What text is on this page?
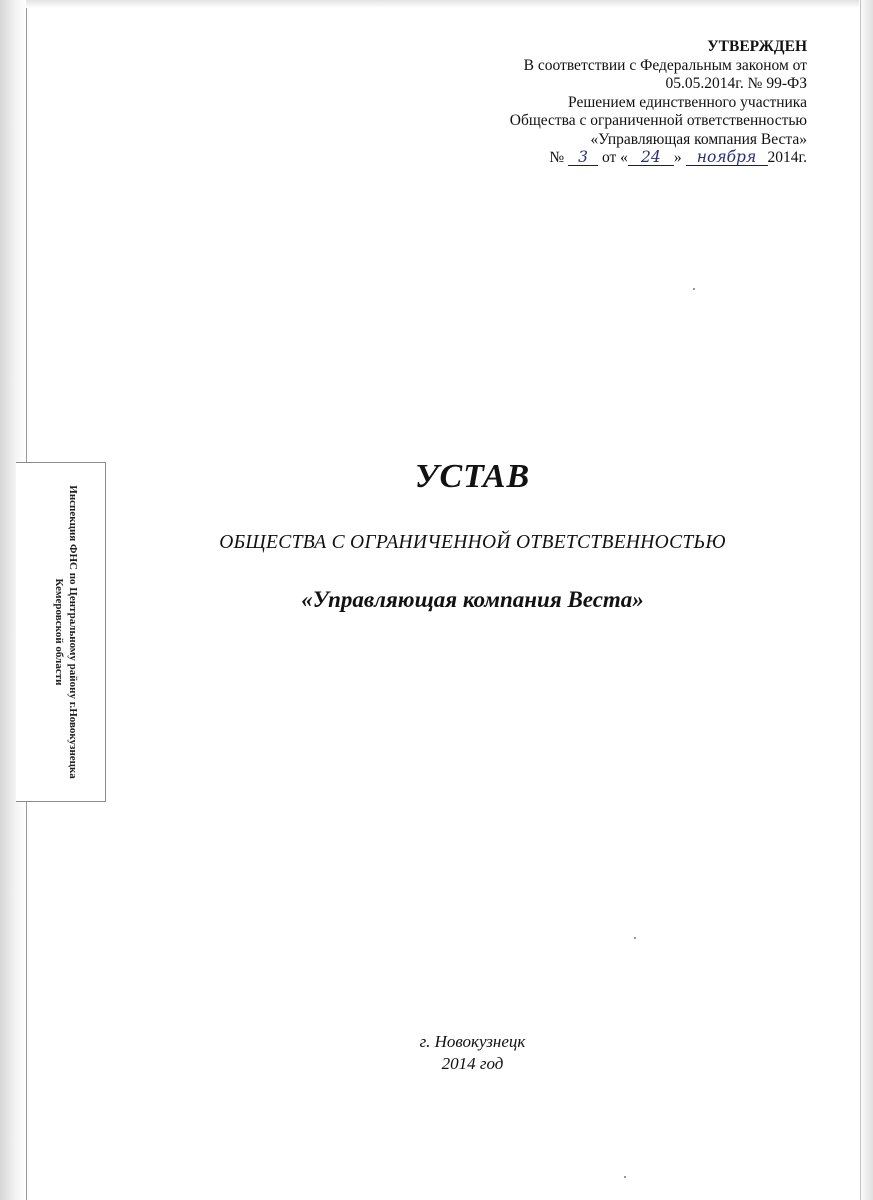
УТВЕРЖДЕН
В соответствии с Федеральным законом от
05.05.2014г. № 99-ФЗ
Решением единственного участника
Общества с ограниченной ответственностью
«Управляющая компания Веста»
№ 3 от « 24 » ноября 2014г.
Инспекция ФНС по Центральному району г.Новокузнецка
Кемеровской области
УСТАВ
ОБЩЕСТВА С ОГРАНИЧЕННОЙ ОТВЕТСТВЕННОСТЬЮ
«Управляющая компания Веста»
г. Новокузнецк
2014 год
